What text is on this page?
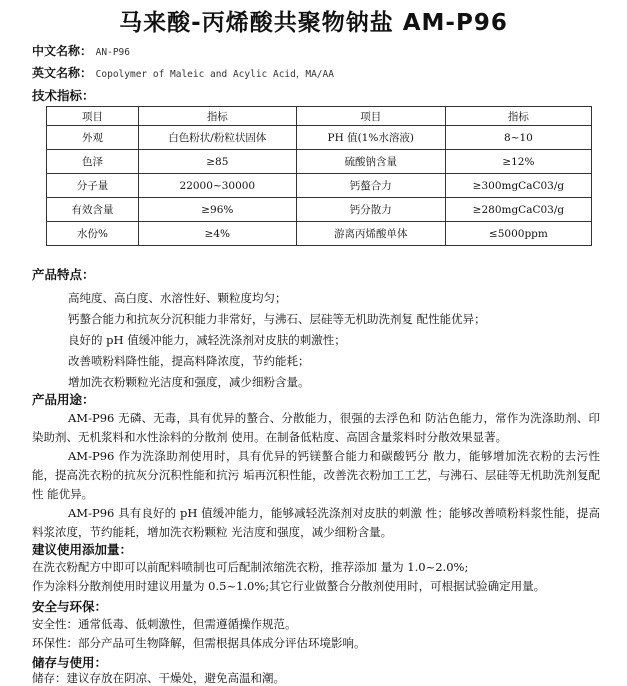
马来酸-丙烯酸共聚物钠盐 AM-P96
中文名称： AN-P96
英文名称： Copolymer of Maleic and Acylic Acid，MA/AA
技术指标：
项目	指标	项目	指标
外观	白色粉状/粉粒状固体	PH 值(1%水溶液)	8~10
色泽	≥85	硫酸钠含量	≥12%
分子量	22000~30000	钙螯合力	≥300mgCaC03/g
有效含量	≥96%	钙分散力	≥280mgCaC03/g
水份%	≥4%	游离丙烯酸单体	≤5000ppm
产品特点：
高纯度、高白度、水溶性好、颗粒度均匀；
钙螯合能力和抗灰分沉积能力非常好，与沸石、层硅等无机助洗剂复 配性能优异；
良好的 pH 值缓冲能力，减轻洗涤剂对皮肤的刺激性；
改善喷粉料降性能，提高料降浓度，节约能耗；
增加洗衣粉颗粒光洁度和强度，减少细粉含量。
产品用途：
AM-P96 无磷、无毒，具有优异的螯合、分散能力，很强的去浮色和 防沾色能力，常作为洗涤助剂、印染助剂、无机浆料和水性涂料的分散剂 使用。在制备低粘度、高固含量浆料时分散效果显著。
AM-P96 作为洗涤助剂使用时，具有优异的钙镁螯合能力和碳酸钙分 散力，能够增加洗衣粉的去污性能，提高洗衣粉的抗灰分沉积性能和抗污 垢再沉积性能，改善洗衣粉加工工艺，与沸石、层硅等无机助洗剂复配性 能优异。
AM-P96 具有良好的 pH 值缓冲能力，能够减轻洗涤剂对皮肤的刺激 性；能够改善喷粉料浆性能，提高料浆浓度，节约能耗，增加洗衣粉颗粒 光洁度和强度，减少细粉含量。
建议使用添加量：
在洗衣粉配方中即可以前配料喷制也可后配制浓缩洗衣粉，推荐添加 量为 1.0~2.0%;
作为涂料分散剂使用时建议用量为 0.5~1.0%;其它行业做螯合分散剂使用时，可根据试验确定用量。
安全与环保：
安全性：通常低毒、低刺激性，但需遵循操作规范。
环保性：部分产品可生物降解，但需根据具体成分评估环境影响。
储存与使用：
储存：建议存放在阴凉、干燥处，避免高温和潮。
